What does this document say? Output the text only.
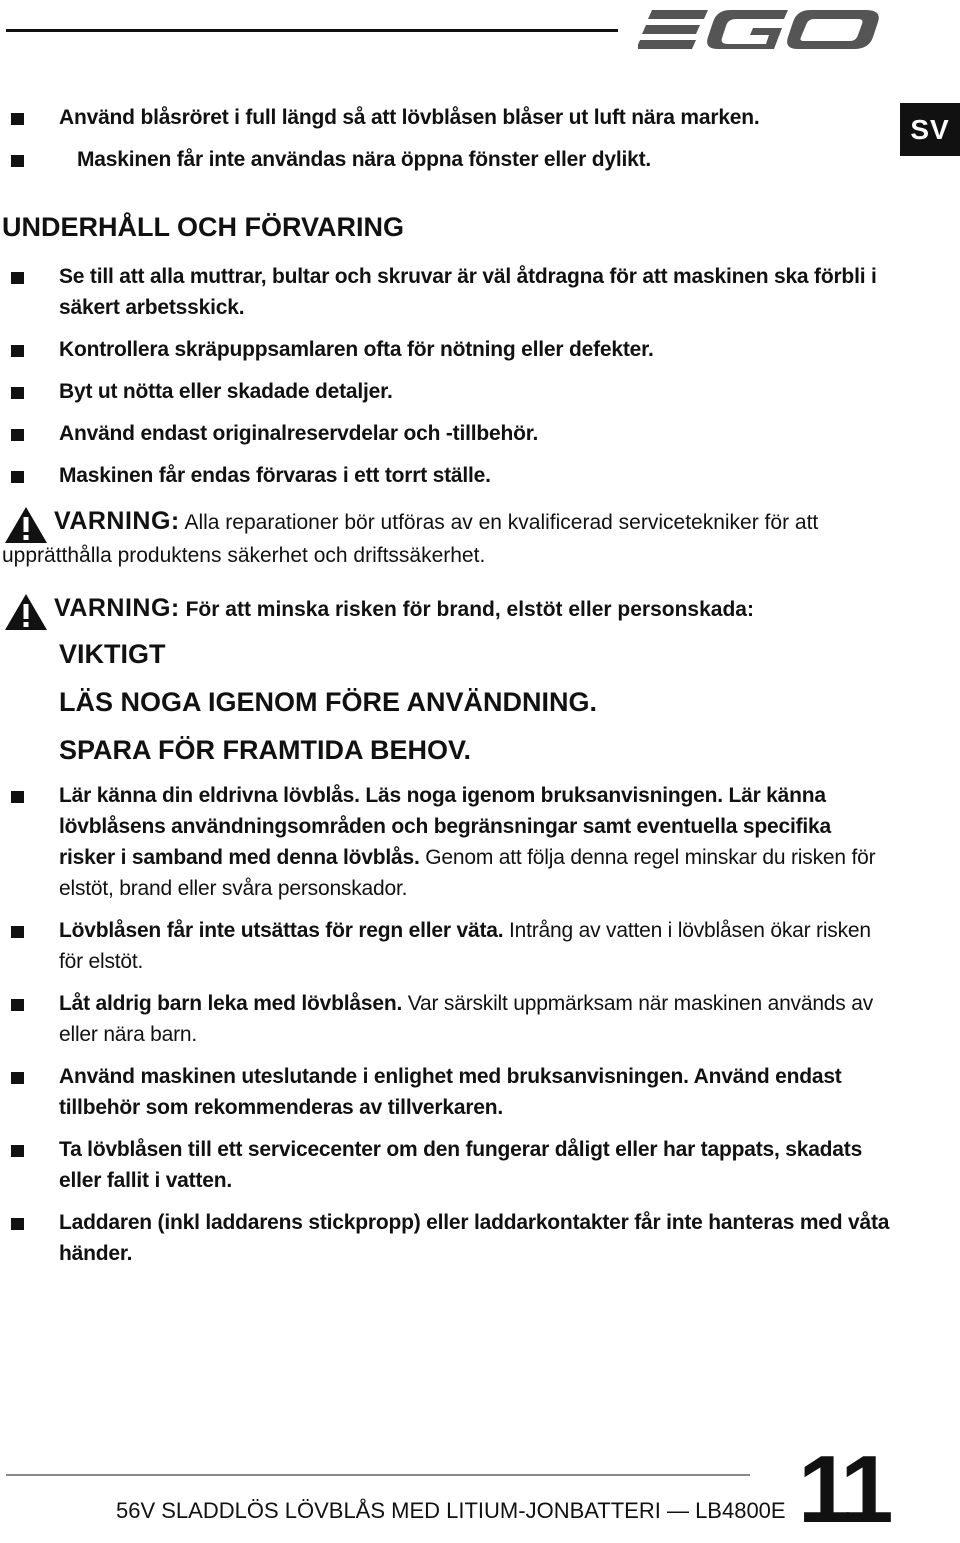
SV
Använd blåsröret i full längd så att lövblåsen blåser ut luft nära marken.
Maskinen får inte användas nära öppna fönster eller dylikt.
UNDERHÅLL OCH FÖRVARING
Se till att alla muttrar, bultar och skruvar är väl åtdragna för att maskinen ska förbli i säkert arbetsskick.
Kontrollera skräpuppsamlaren ofta för nötning eller defekter.
Byt ut nötta eller skadade detaljer.
Använd endast originalreservdelar och -tillbehör.
Maskinen får endas förvaras i ett torrt ställe.
VARNING: Alla reparationer bör utföras av en kvalificerad servicetekniker för att upprätthålla produktens säkerhet och driftssäkerhet.
VARNING: För att minska risken för brand, elstöt eller personskada:
VIKTIGT
LÄS NOGA IGENOM FÖRE ANVÄNDNING.
SPARA FÖR FRAMTIDA BEHOV.
Lär känna din eldrivna lövblås. Läs noga igenom bruksanvisningen. Lär känna lövblåsens användningsområden och begränsningar samt eventuella specifika risker i samband med denna lövblås. Genom att följa denna regel minskar du risken för elstöt, brand eller svåra personskador.
Lövblåsen får inte utsättas för regn eller väta. Intrång av vatten i lövblåsen ökar risken för elstöt.
Låt aldrig barn leka med lövblåsen. Var särskilt uppmärksam när maskinen används av eller nära barn.
Använd maskinen uteslutande i enlighet med bruksanvisningen. Använd endast tillbehör som rekommenderas av tillverkaren.
Ta lövblåsen till ett servicecenter om den fungerar dåligt eller har tappats, skadats eller fallit i vatten.
Laddaren (inkl laddarens stickpropp) eller laddarkontakter får inte hanteras med våta händer.
56V SLADDLÖS LÖVBLÅS MED LITIUM-JONBATTERI — LB4800E 11
